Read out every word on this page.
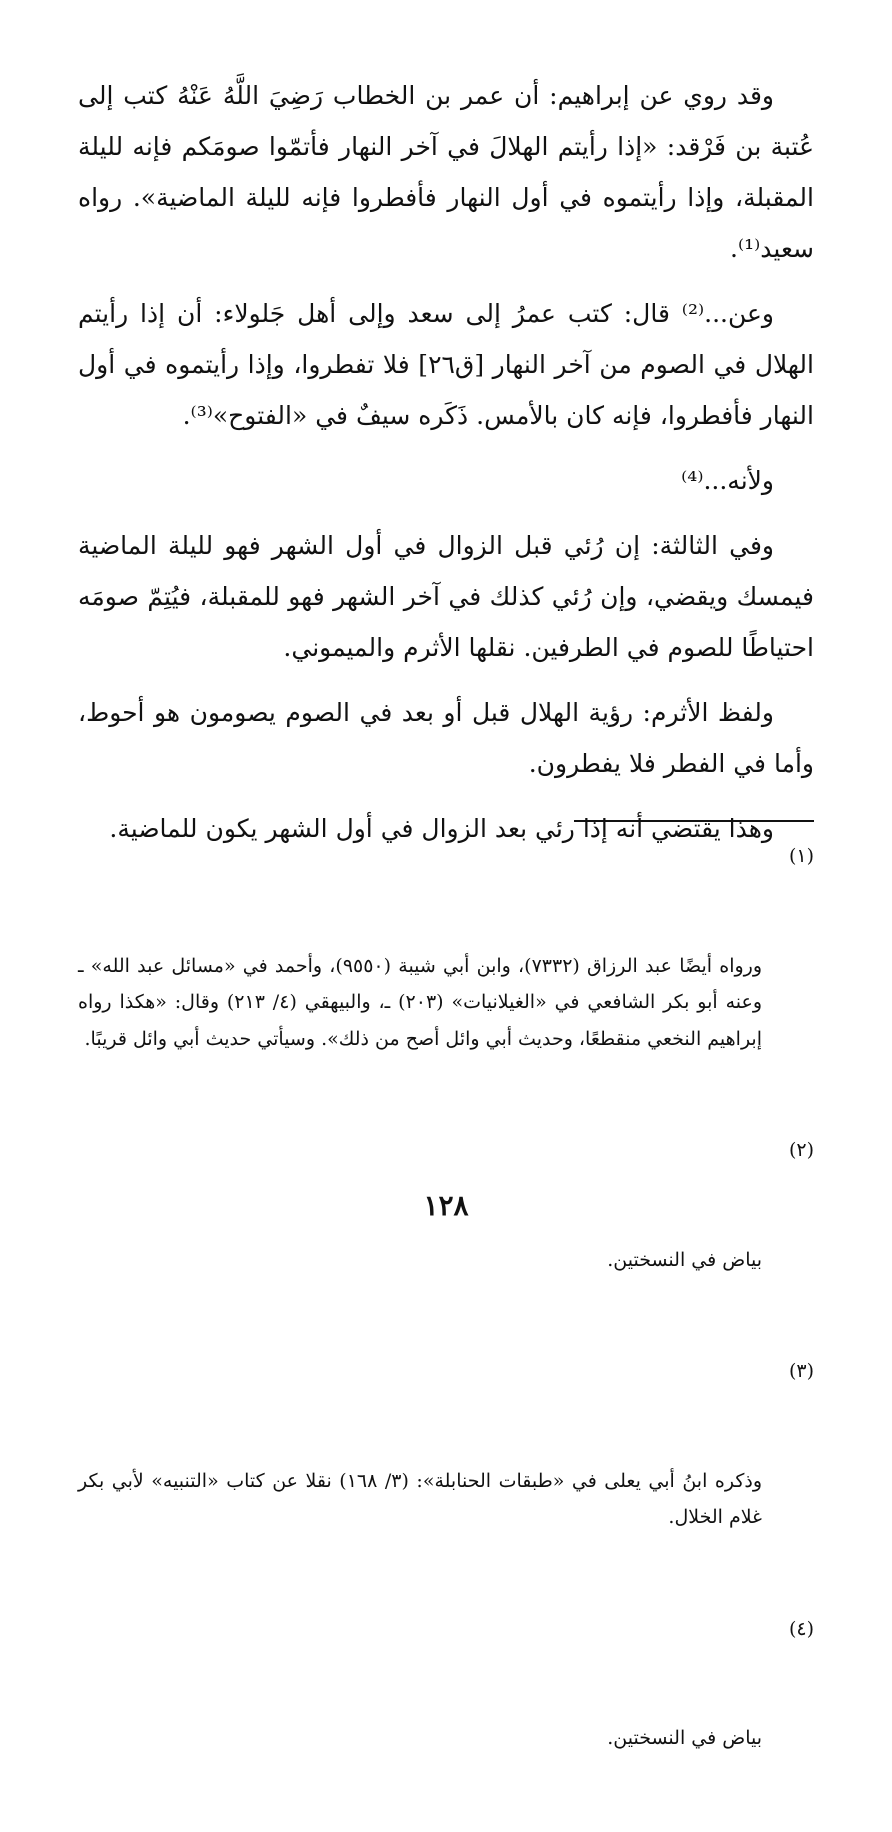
وقد روي عن إبراهيم: أن عمر بن الخطاب رَضِيَ اللَّهُ عَنْهُ كتب إلى عُتبة بن فَرْقد: «إذا رأيتم الهلالَ في آخر النهار فأتمّوا صومَكم فإنه لليلة المقبلة، وإذا رأيتموه في أول النهار فأفطروا فإنه لليلة الماضية». رواه سعيد⁽¹⁾.

وعن...⁽²⁾ قال: كتب عمرُ إلى سعد وإلى أهل جَلولاء: أن إذا رأيتم الهلال في الصوم من آخر النهار [ق٢٦] فلا تفطروا، وإذا رأيتموه في أول النهار فأفطروا، فإنه كان بالأمس. ذَكَره سيفٌ في «الفتوح»⁽³⁾.

ولأنه...⁽⁴⁾

وفي الثالثة: إن رُئي قبل الزوال في أول الشهر فهو لليلة الماضية فيمسك ويقضي، وإن رُئي كذلك في آخر الشهر فهو للمقبلة، فيُتِمّ صومَه احتياطًا للصوم في الطرفين. نقلها الأثرم والميموني.

ولفظ الأثرم: رؤية الهلال قبل أو بعد في الصوم يصومون هو أحوط، وأما في الفطر فلا يفطرون.

وهذا يقتضي أنه إذا رئي بعد الزوال في أول الشهر يكون للماضية.

(١)

ورواه أيضًا عبد الرزاق (٧٣٣٢)، وابن أبي شيبة (٩٥٥٠)، وأحمد في «مسائل عبد الله» ـ وعنه أبو بكر الشافعي في «الغيلانيات» (٢٠٣) ـ، والبيهقي (٤/ ٢١٣) وقال: «هكذا رواه إبراهيم النخعي منقطعًا، وحديث أبي وائل أصح من ذلك». وسيأتي حديث أبي وائل قريبًا.

(٢)

بياض في النسختين.

(٣)

وذكره ابنُ أبي يعلى في «طبقات الحنابلة»: (٣/ ١٦٨) نقلا عن كتاب «التنبيه» لأبي بكر غلام الخلال.

(٤)

بياض في النسختين.

١٢٨
